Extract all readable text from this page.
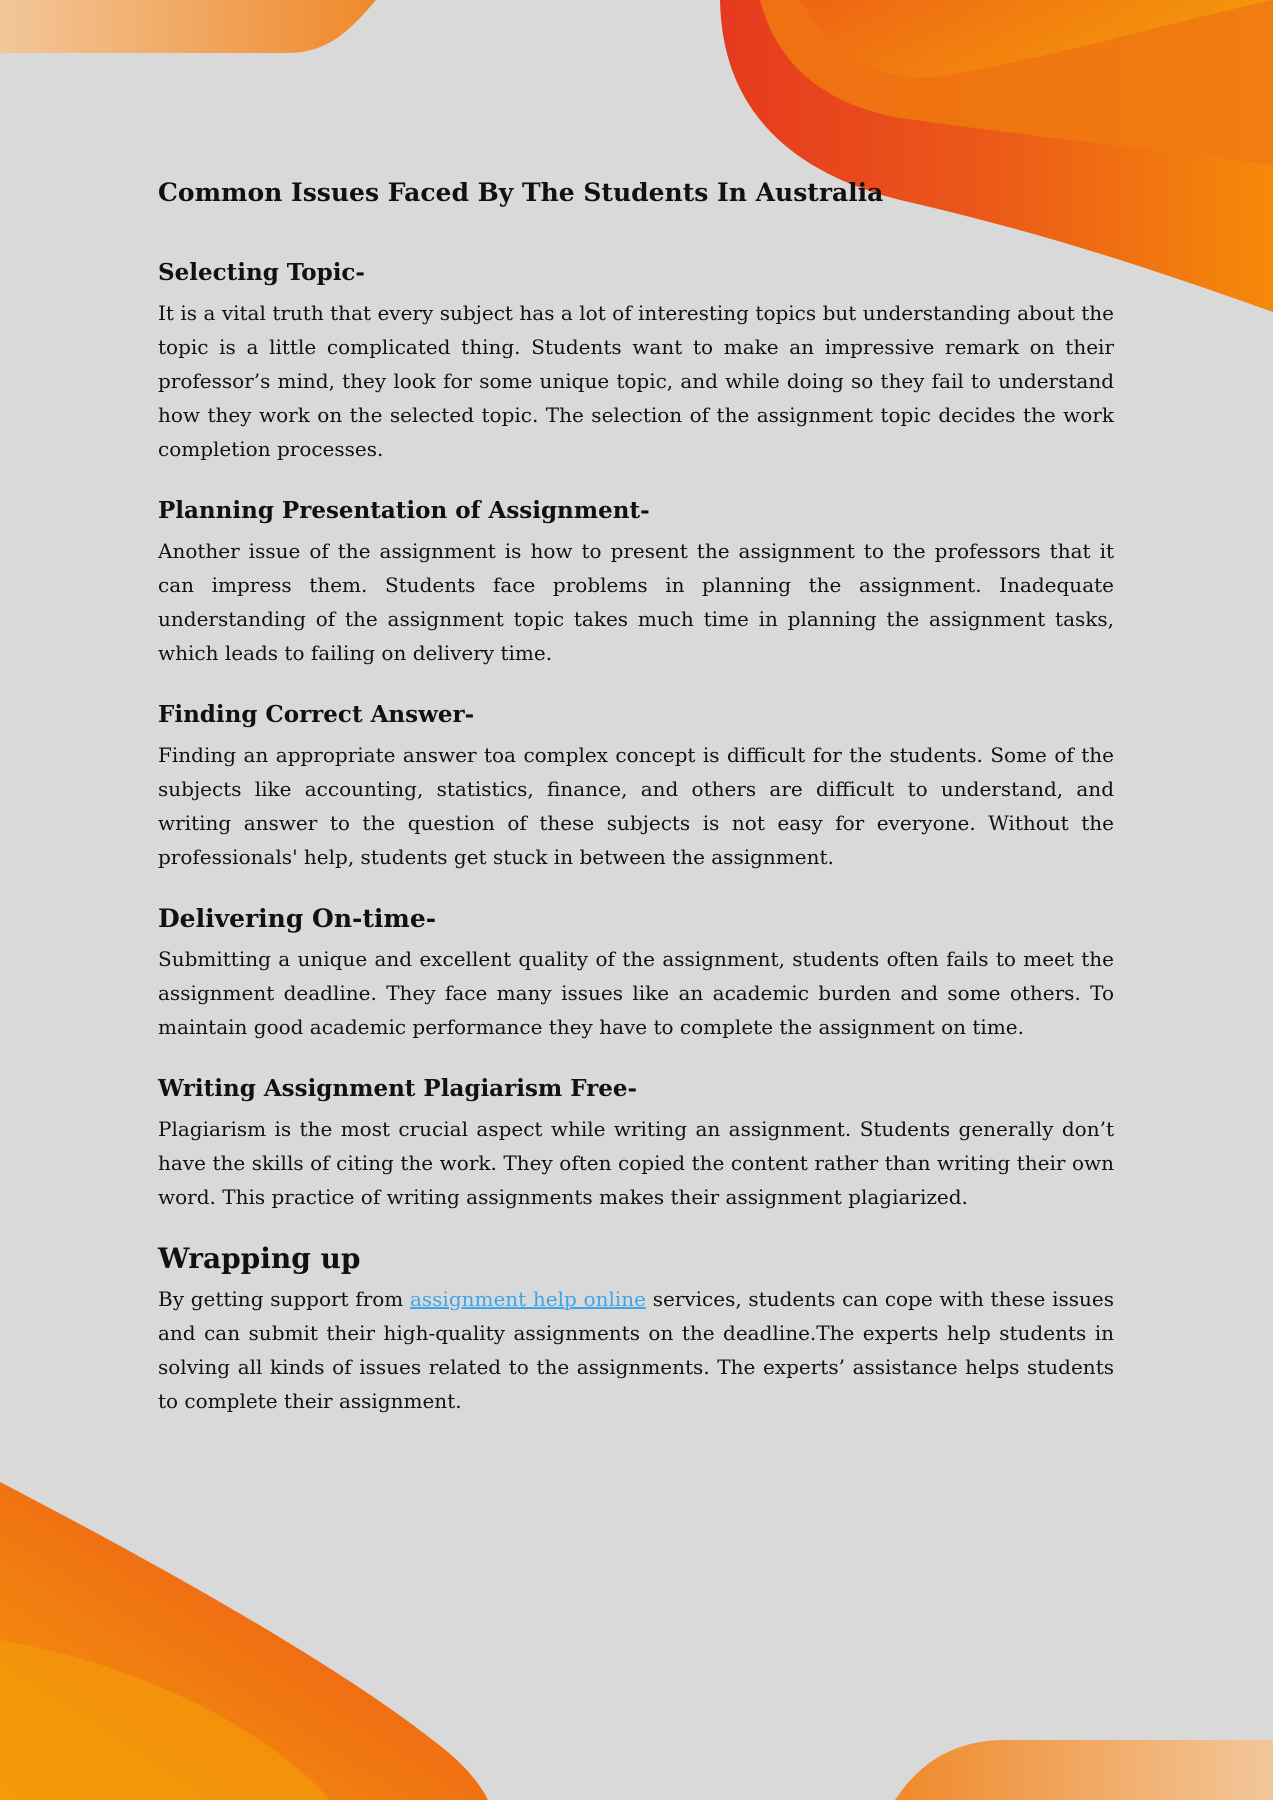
Common Issues Faced By The Students In Australia
Selecting Topic-

It is a vital truth that every subject has a lot of interesting topics but understanding about the topic is a little complicated thing. Students want to make an impressive remark on their professor’s mind, they look for some unique topic, and while doing so they fail to understand how they work on the selected topic. The selection of the assignment topic decides the work completion processes.

Planning Presentation of Assignment-

Another issue of the assignment is how to present the assignment to the professors that it can impress them. Students face problems in planning the assignment. Inadequate understanding of the assignment topic takes much time in planning the assignment tasks, which leads to failing on delivery time.

Finding Correct Answer-

Finding an appropriate answer toa complex concept is difficult for the students. Some of the subjects like accounting, statistics, finance, and others are difficult to understand, and writing answer to the question of these subjects is not easy for everyone. Without the professionals' help, students get stuck in between the assignment.

Delivering On-time-

Submitting a unique and excellent quality of the assignment, students often fails to meet the assignment deadline. They face many issues like an academic burden and some others. To maintain good academic performance they have to complete the assignment on time.

Writing Assignment Plagiarism Free-

Plagiarism is the most crucial aspect while writing an assignment. Students generally don’t have the skills of citing the work. They often copied the content rather than writing their own word. This practice of writing assignments makes their assignment plagiarized.

Wrapping up

By getting support from assignment help online services, students can cope with these issues and can submit their high-quality assignments on the deadline.The experts help students in solving all kinds of issues related to the assignments. The experts’ assistance helps students to complete their assignment.
